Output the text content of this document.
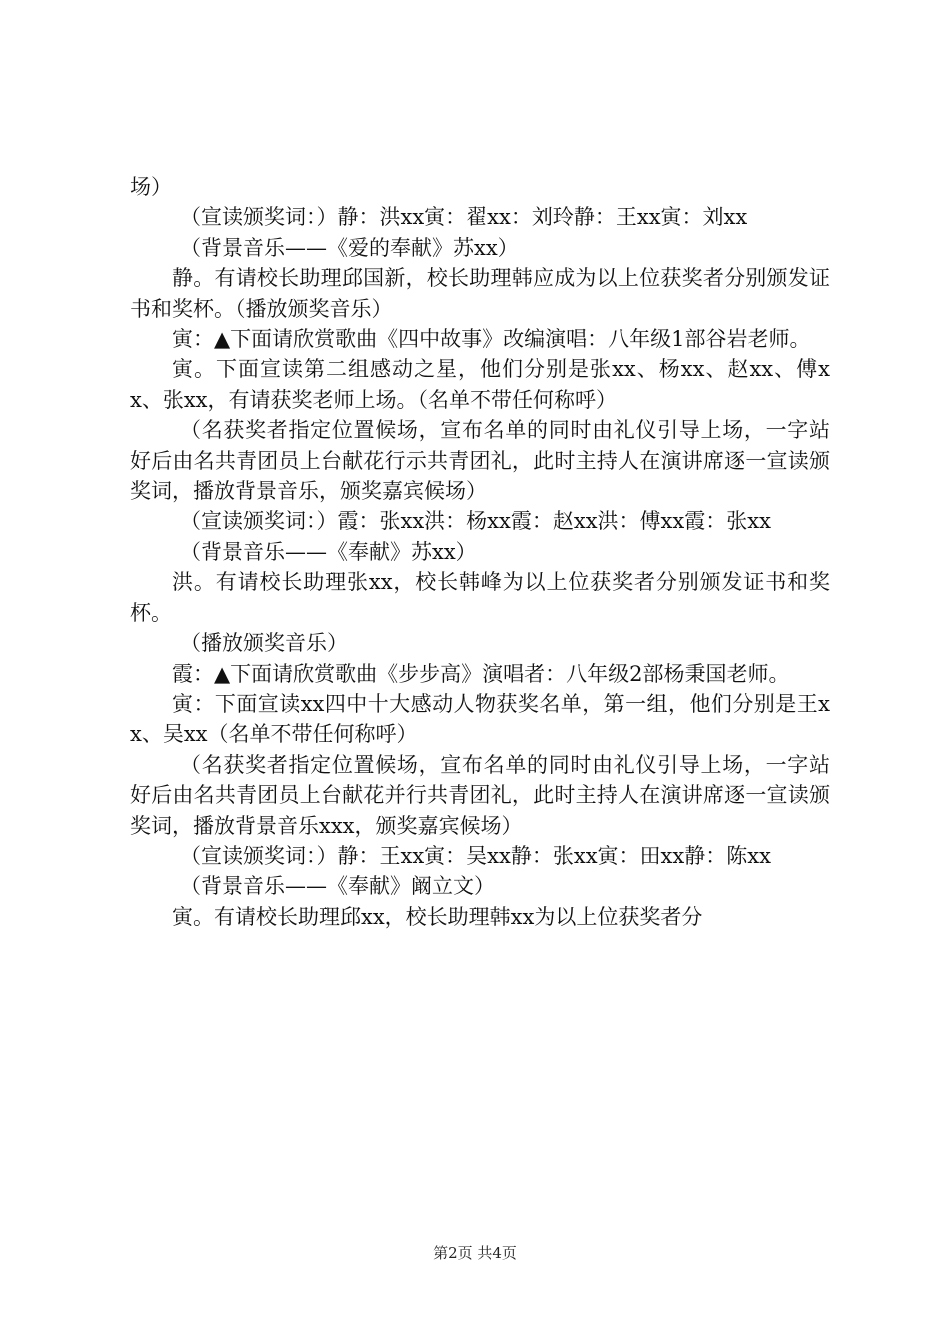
场）

（宣读颁奖词：）静：洪xx寅：翟xx：刘玲静：王xx寅：刘xx

（背景音乐——《爱的奉献》苏xx）

静。有请校长助理邱国新，校长助理韩应成为以上位获奖者分别颁发证书和奖杯。（播放颁奖音乐）

寅：▲下面请欣赏歌曲《四中故事》改编演唱：八年级1部谷岩老师。

寅。下面宣读第二组感动之星，他们分别是张xx、杨xx、赵xx、傅xx、张xx，有请获奖老师上场。（名单不带任何称呼）

（名获奖者指定位置候场，宣布名单的同时由礼仪引导上场，一字站好后由名共青团员上台献花行示共青团礼，此时主持人在演讲席逐一宣读颁奖词，播放背景音乐，颁奖嘉宾候场）

（宣读颁奖词：）霞：张xx洪：杨xx霞：赵xx洪：傅xx霞：张xx

（背景音乐——《奉献》苏xx）

洪。有请校长助理张xx，校长韩峰为以上位获奖者分别颁发证书和奖杯。

（播放颁奖音乐）

霞：▲下面请欣赏歌曲《步步高》演唱者：八年级2部杨秉国老师。

寅：下面宣读xx四中十大感动人物获奖名单，第一组，他们分别是王xx、吴xx（名单不带任何称呼）

（名获奖者指定位置候场，宣布名单的同时由礼仪引导上场，一字站好后由名共青团员上台献花并行共青团礼，此时主持人在演讲席逐一宣读颁奖词，播放背景音乐xxx，颁奖嘉宾候场）

（宣读颁奖词：）静：王xx寅：吴xx静：张xx寅：田xx静：陈xx

（背景音乐——《奉献》阚立文）

寅。有请校长助理邱xx，校长助理韩xx为以上位获奖者分

第2页 共4页
